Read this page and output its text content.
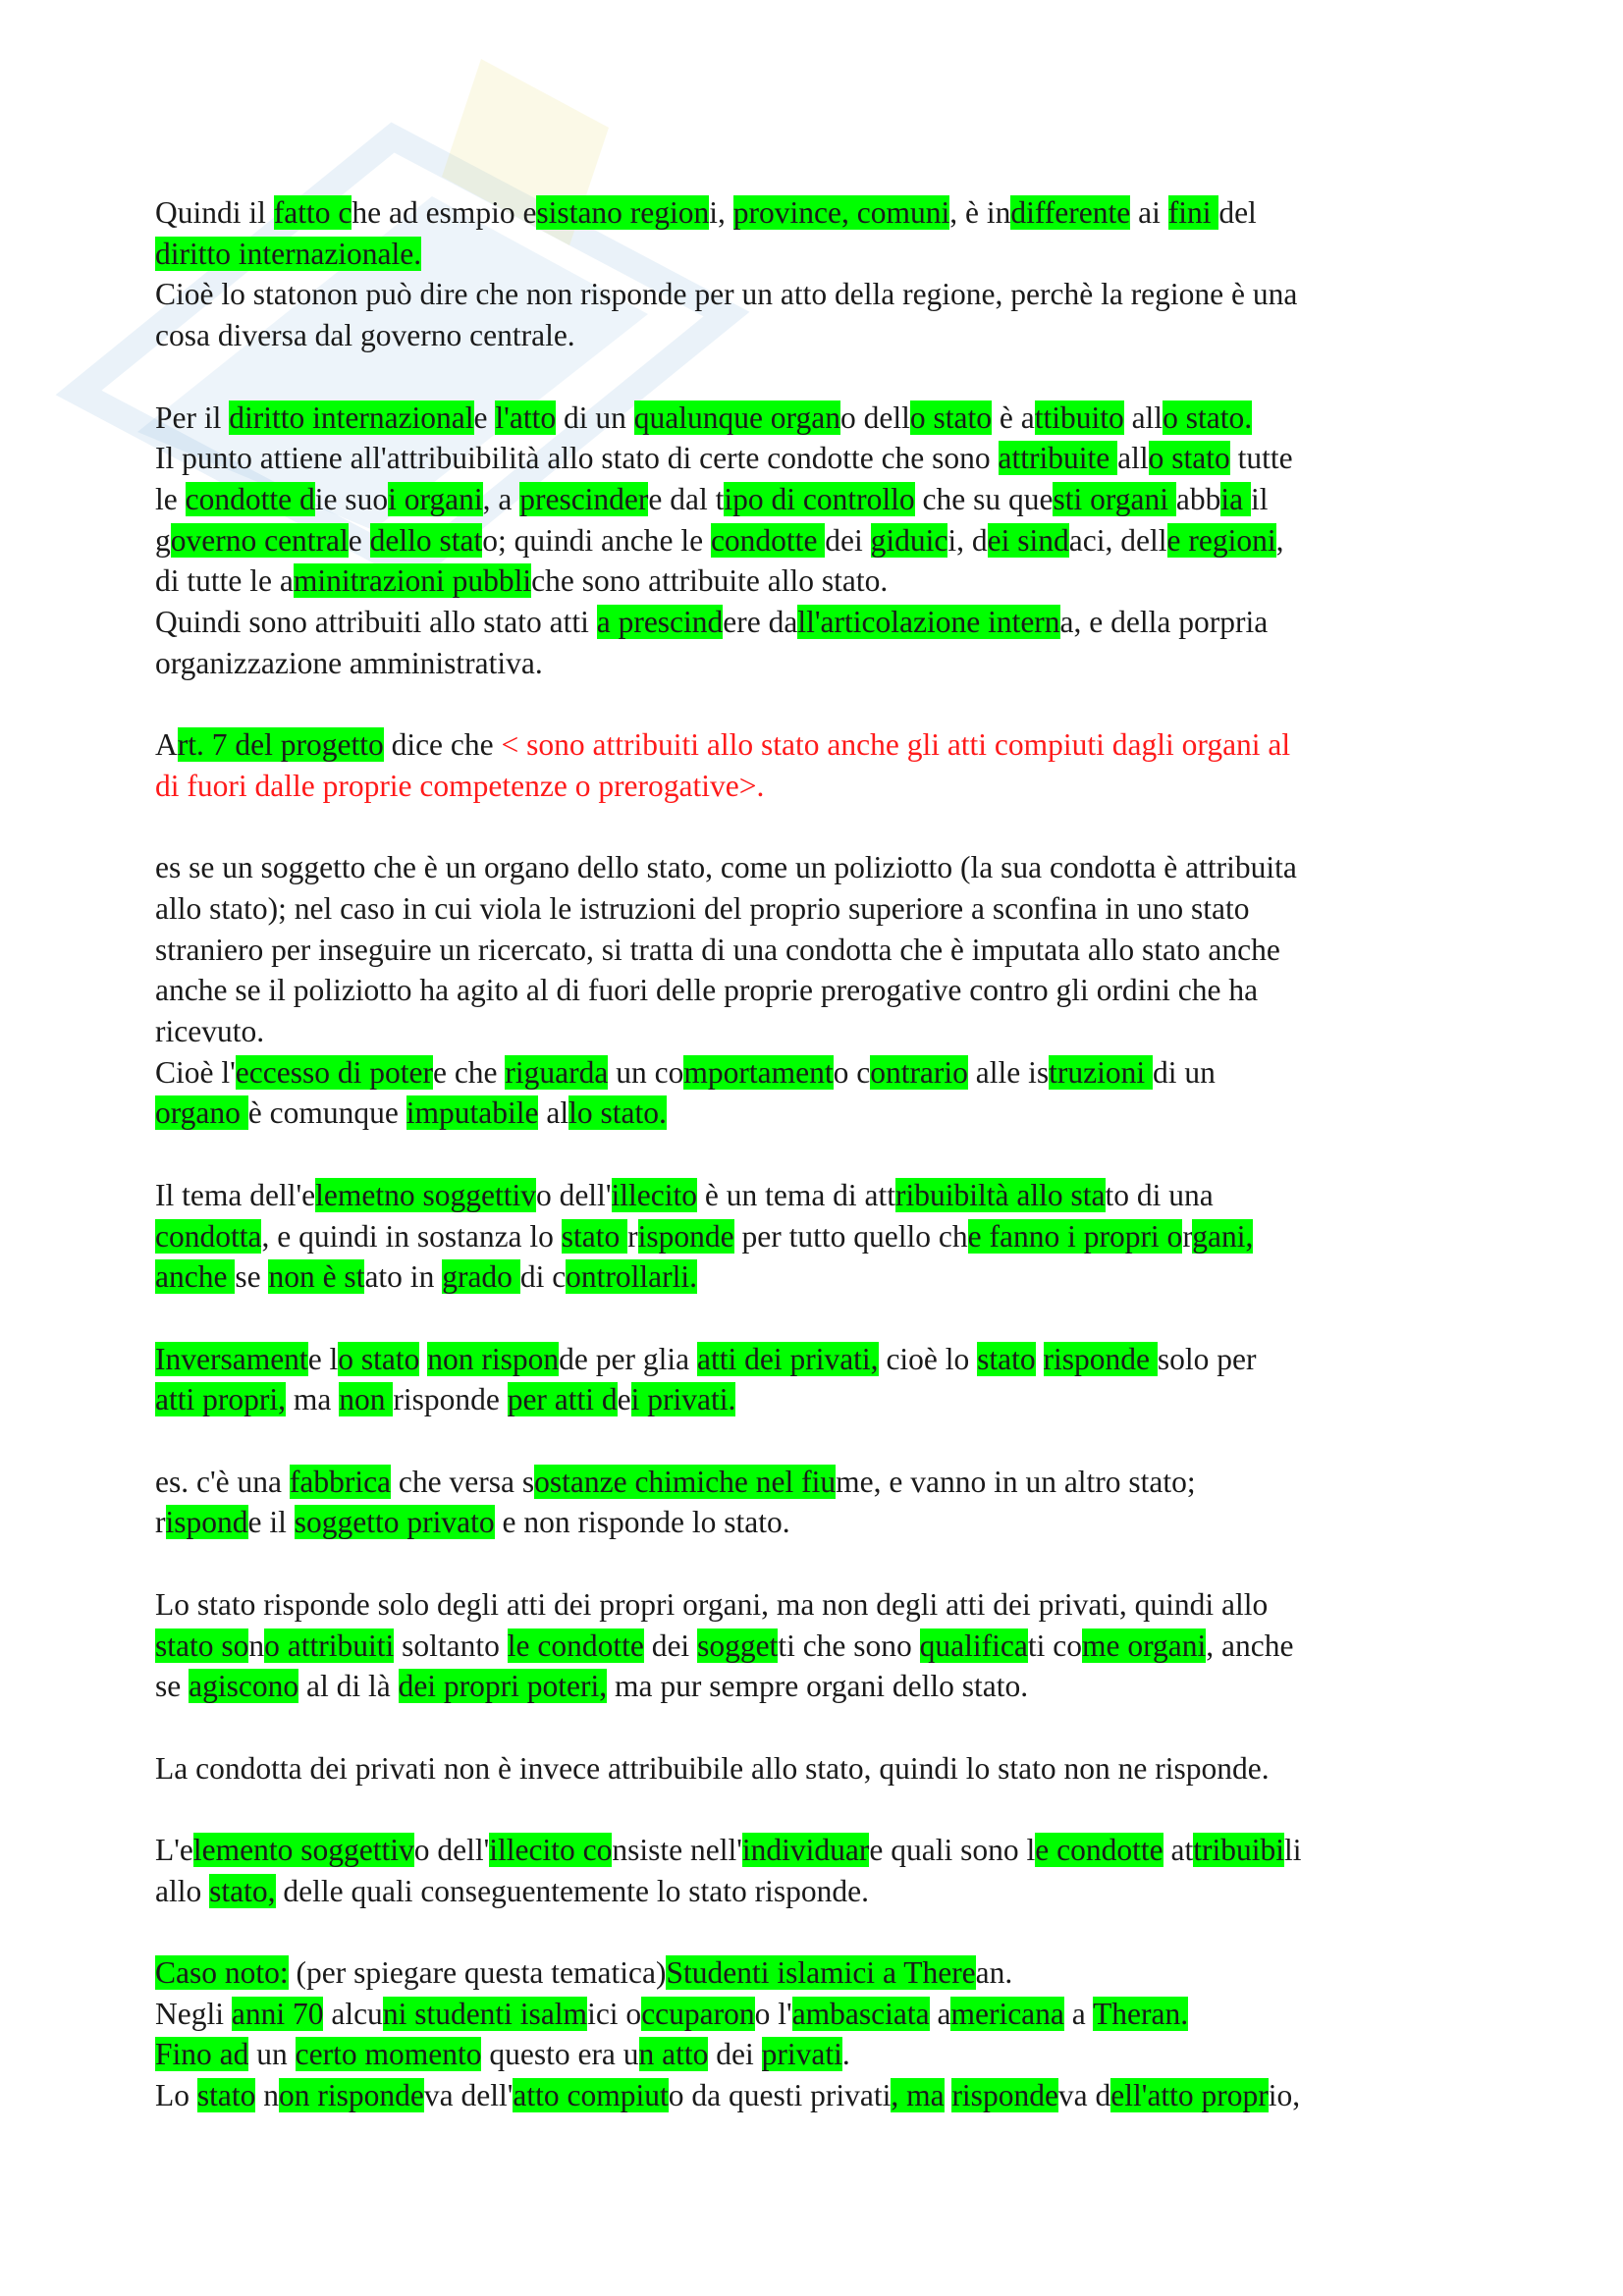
Quindi il fatto che ad esmpio esistano regioni, province, comuni, è indifferente ai fini del
diritto internazionale.
Cioè lo statonon può dire che non risponde per un atto della regione, perchè la regione è una
cosa diversa dal governo centrale.
Per il diritto internazionale l'atto di un qualunque organo dello stato è attibuito allo stato.
Il punto attiene all'attribuibilità allo stato di certe condotte che sono attribuite allo stato tutte
le condotte die suoi organi, a prescindere dal tipo di controllo che su questi organi abbia il
governo centrale dello stato; quindi anche le condotte dei giduici, dei sindaci, delle regioni,
di tutte le aminitrazioni pubbliche sono attribuite allo stato.
Quindi sono attribuiti allo stato atti a prescindere dall'articolazione interna, e della porpria
organizzazione amministrativa.
Art. 7 del progetto dice che < sono attribuiti allo stato anche gli atti compiuti dagli organi al
di fuori dalle proprie competenze o prerogative>.
es se un soggetto che è un organo dello stato, come un poliziotto (la sua condotta è attribuita
allo stato); nel caso in cui viola le istruzioni del proprio superiore a sconfina in uno stato
straniero per inseguire un ricercato, si tratta di una condotta che è imputata allo stato anche
anche se il poliziotto ha agito al di fuori delle proprie prerogative contro gli ordini che ha
ricevuto.
Cioè l'eccesso di potere che riguarda un comportamento contrario alle istruzioni di un
organo è comunque imputabile allo stato.
Il tema dell'elemetno soggettivo dell'illecito è un tema di attribuibiltà allo stato di una
condotta, e quindi in sostanza lo stato risponde per tutto quello che fanno i propri organi,
anche se non è stato in grado di controllarli.
Inversamente lo stato non risponde per glia atti dei privati, cioè lo stato risponde solo per
atti propri, ma non risponde per atti dei privati.
es. c'è una fabbrica che versa sostanze chimiche nel fiume, e vanno in un altro stato;
risponde il soggetto privato e non risponde lo stato.
Lo stato risponde solo degli atti dei propri organi, ma non degli atti dei privati, quindi allo
stato sono attribuiti soltanto le condotte dei soggetti che sono qualificati come organi, anche
se agiscono al di là dei propri poteri, ma pur sempre organi dello stato.
La condotta dei privati non è invece attribuibile allo stato, quindi lo stato non ne risponde.
L'elemento soggettivo dell'illecito consiste nell'individuare quali sono le condotte attribuibili
allo stato, delle quali conseguentemente lo stato risponde.
Caso noto: (per spiegare questa tematica)Studenti islamici a Therean.
Negli anni 70 alcuni studenti isalmici occuparono l'ambasciata americana a Theran.
Fino ad un certo momento questo era un atto dei privati.
Lo stato non rispondeva dell'atto compiuto da questi privati, ma rispondeva dell'atto proprio,
